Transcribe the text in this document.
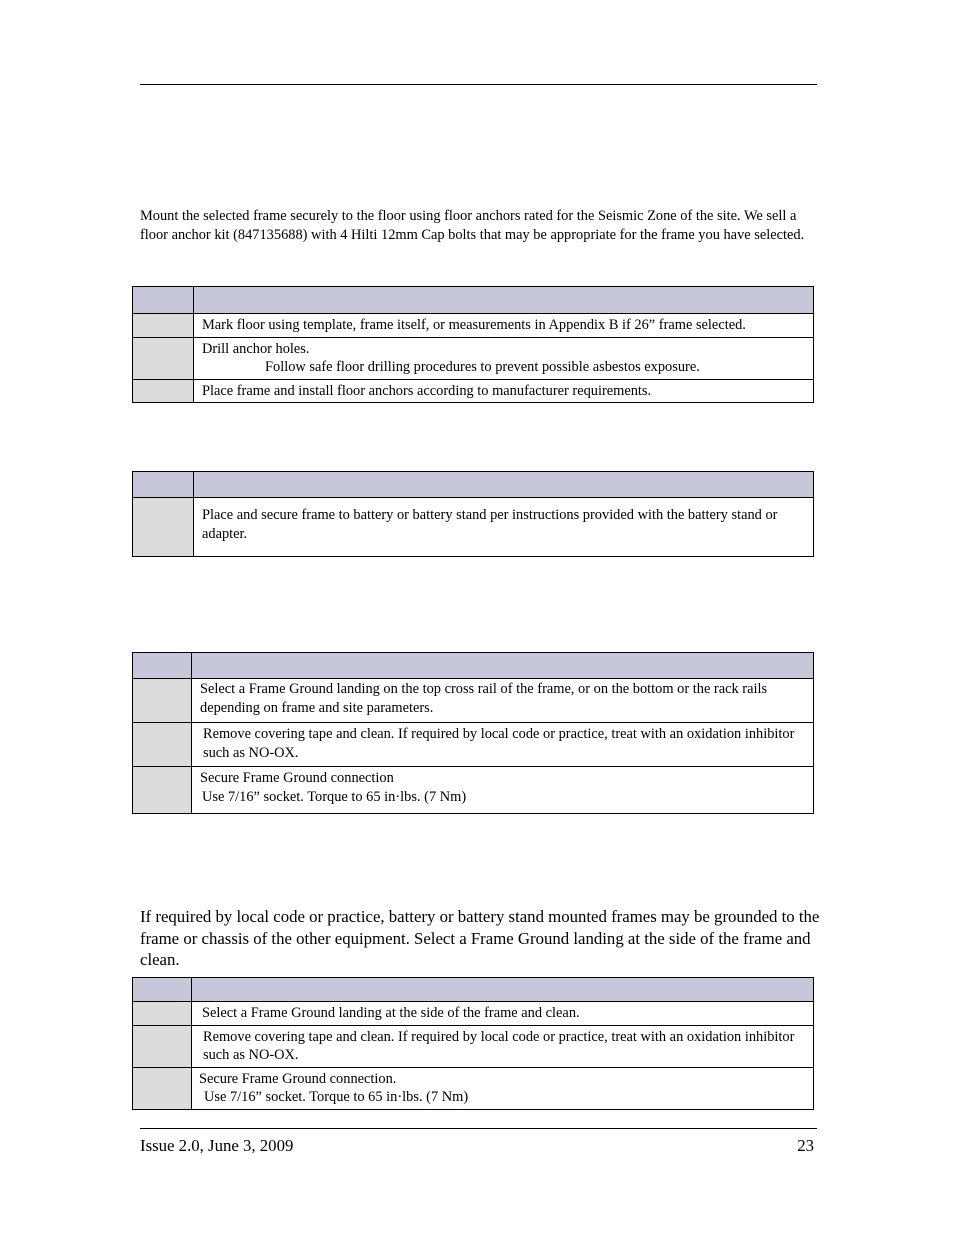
Mount the selected frame securely to the floor using floor anchors rated for the Seismic Zone of the site. We sell a floor anchor kit (847135688) with 4 Hilti 12mm Cap bolts that may be appropriate for the frame you have selected.

	Mark floor using template, frame itself, or measurements in Appendix B if 26” frame selected.

	Drill anchor holes.
Follow safe floor drilling procedures to prevent possible asbestos exposure.

	Place frame and install floor anchors according to manufacturer requirements.

	Place and secure frame to battery or battery stand per instructions provided with the battery stand or adapter.

	Select a Frame Ground landing on the top cross rail of the frame, or on the bottom or the rack rails depending on frame and site parameters.
	Remove covering tape and clean. If required by local code or practice, treat with an oxidation inhibitor such as NO-OX.

	Secure Frame Ground connection
Use 7/16” socket. Torque to 65 in·lbs. (7 Nm)
If required by local code or practice, battery or battery stand mounted frames may be grounded to the frame or chassis of the other equipment. Select a Frame Ground landing at the side of the frame and clean.

	Select a Frame Ground landing at the side of the frame and clean.
	Remove covering tape and clean. If required by local code or practice, treat with an oxidation inhibitor such as NO-OX.

	Secure Frame Ground connection.
Use 7/16” socket. Torque to 65 in·lbs. (7 Nm)
Issue 2.0, June 3, 2009	23
